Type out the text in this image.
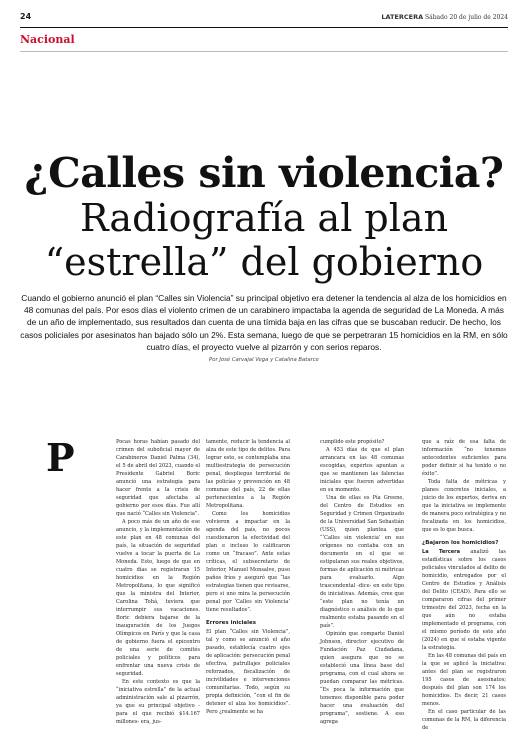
24	LATERCERA Sábado 20 de julio de 2024
Nacional
¿Calles sin violencia?
Radiografía al plan
“estrella” del gobierno
Cuando el gobierno anunció el plan “Calles sin Violencia” su principal objetivo era detener la tendencia al alza de los homicidios en 48 comunas del país. Por esos días el violento crimen de un carabinero impactaba la agenda de seguridad de La Moneda. A más de un año de implementado, sus resultados dan cuenta de una tímida baja en las cifras que se buscaban reducir. De hecho, los casos policiales por asesinatos han bajado sólo un 2%. Esta semana, luego de que se perpetraran 15 homicidios en la RM, en sólo cuatro días, el proyecto vuelve al pizarrón y con serios reparos.
Por José Carvajal Vega y Catalina Batarce
P	Pocas horas habían pasado del crimen del suboficial mayor de Carabineros Daniel Palma (34), el 5 de abril del 2023, cuando el Presidente Gabriel Boric anunció una estrategia para hacer frente a la crisis de seguridad que afectaba al gobierno por esos días. Fue allí que nació “Calles sin Violencia”.

A poco más de un año de ese anuncio, y la implementación de este plan en 48 comunas del país, la situación de seguridad vuelve a tocar la puerta de La Moneda. Esto, luego de que en cuatro días se registraran 15 homicidios en la Región Metropolitana, lo que significó que la ministra del Interior, Carolina Tohá, tuviera que interrumpir sus vacaciones. Boric debiera bajarse de la inauguración de los Juegos Olímpicos en París y que la casa de gobierno fuera el epicentro de una serie de comités policiales y políticos para enfrentar una nueva crisis de seguridad.

En este contexto es que la “iniciativa estrella” de la actual administración sale al pizarrón, ya que su principal objetivo -para el que recibió $14.167 millones- era, jus-

tamente, reducir la tendencia al alza de este tipo de delitos. Para lograr esto, se contemplaba una multiestrategia de persecución penal, despliegue territorial de las policías y prevención en 48 comunas del país, 22 de ellas pertenecientes a la Región Metropolitana.

Como los homicidios volvieron a impactar en la agenda del país, no pocos cuestionaron la efectividad del plan e incluso lo calificaron como un “fracaso”. Ante estas críticas, el subsecretario de Interior, Manuel Monsalve, puso paños fríos y aseguró que “las estrategias tienen que revisarse, pero si uno mira la persecución penal por ‘Calles sin Violencia’ tiene resultados”.

Errores iniciales

El plan “Calles sin Violencia”, tal y como se anunció el año pasado, establecía cuatro ejes de aplicación: persecución penal efectiva, patrullajes policiales reforzados, fiscalización de incivilidades e intervenciones comunitarias. Todo, según su propia definición, “con el fin de detener el alza los homicidios”. Pero ¿realmente se ha

cumplido este propósito?

A 453 días de que el plan arrancara en las 48 comunas escogidas, expertos apuntan a que se mantienen las falencias iniciales que fueron advertidas en su momento.

Una de ellas es Pía Greene, del Centro de Estudios en Seguridad y Crimen Organizado de la Universidad San Sebastián (USS), quien plantea que “‘Calles sin violencia’ en sus orígenes no contaba con un documento en el que se estipularan sus reales objetivos, formas de aplicación ni métricas para evaluarlo. Algo trascendental -dice- en este tipo de iniciativas. Además, cree que “este plan no tenía un diagnóstico o análisis de lo que realmente estaba pasando en el país”.

Opinión que comparte Daniel Johnson, director ejecutivo de Fundación Paz Ciudadana, quien asegura que no se estableció una línea base del programa, con el cual ahora se puedan comparar las métricas. “Es poca la información que tenemos disponible para poder hacer una evaluación del programa”, sostiene. A eso agrega

que a raíz de esa falta de información “no tenemos antecedentes suficientes para poder definir si ha tenido o no éxito”.

Toda falta de métricas y planes concretos iniciales, a juicio de los expertos, deriva en que la iniciativa se implemente de manera poco estratégica y no focalizada en los homicidios, que es lo que busca.

¿Bajaron los homicidios?

La Tercera analizó las estadísticas sobre los casos policiales vinculados al delito de homicidio, entregados por el Centro de Estudios y Análisis del Delito (CEAD). Para ello se compararon cifras del primer trimestre del 2023, fecha en la que aún no estaba implementado el programa, con el mismo período de este año (2024) en que sí estaba vigente la estrategia.

En las 48 comunas del país en la que se aplicó la iniciativa: antes del plan se registraron 195 casos de asesinatos; después del plan son 174 los homicidios. Es decir, 21 casos menos.

En el caso particular de las comunas de la RM, la diferencia de
